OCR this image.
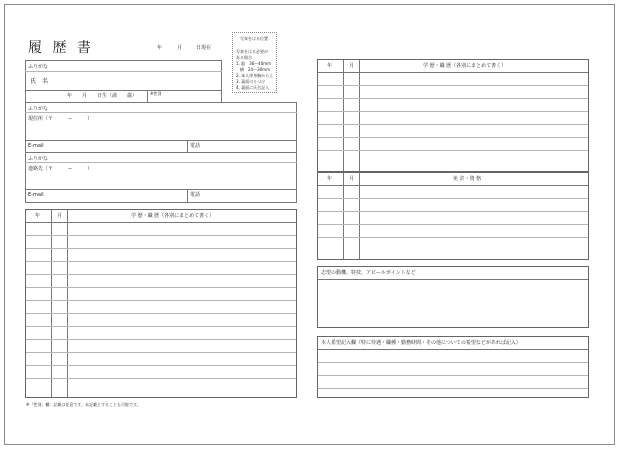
履 歴 書	年	月	日現在
写真をはる位置
写真をはる必要が
ある場合
1. 縦　36〜40mm
　横　24〜30mm
2. 本人単身胸から上
3. 裏面のりづけ
4. 裏面に氏名記入
ふりがな
氏　名
年　　月　　日生（満　　歳）	※性別
ふりがな
現住所（〒　　　−　　　）
E-mail	電話
ふりがな
連絡先（〒　　　−　　　）
E-mail	電話
年	月	学 歴・職 歴（各別にまとめて書く）
※「性別」欄：記載は任意です。未記載とすることも可能です。
年	月	学 歴・職 歴（各別にまとめて書く）
年	月	免 許・資 格
志望の動機、特技、アピールポイントなど
本人希望記入欄（特に待遇・職種・勤務時間・その他についての希望などがあれば記入）
